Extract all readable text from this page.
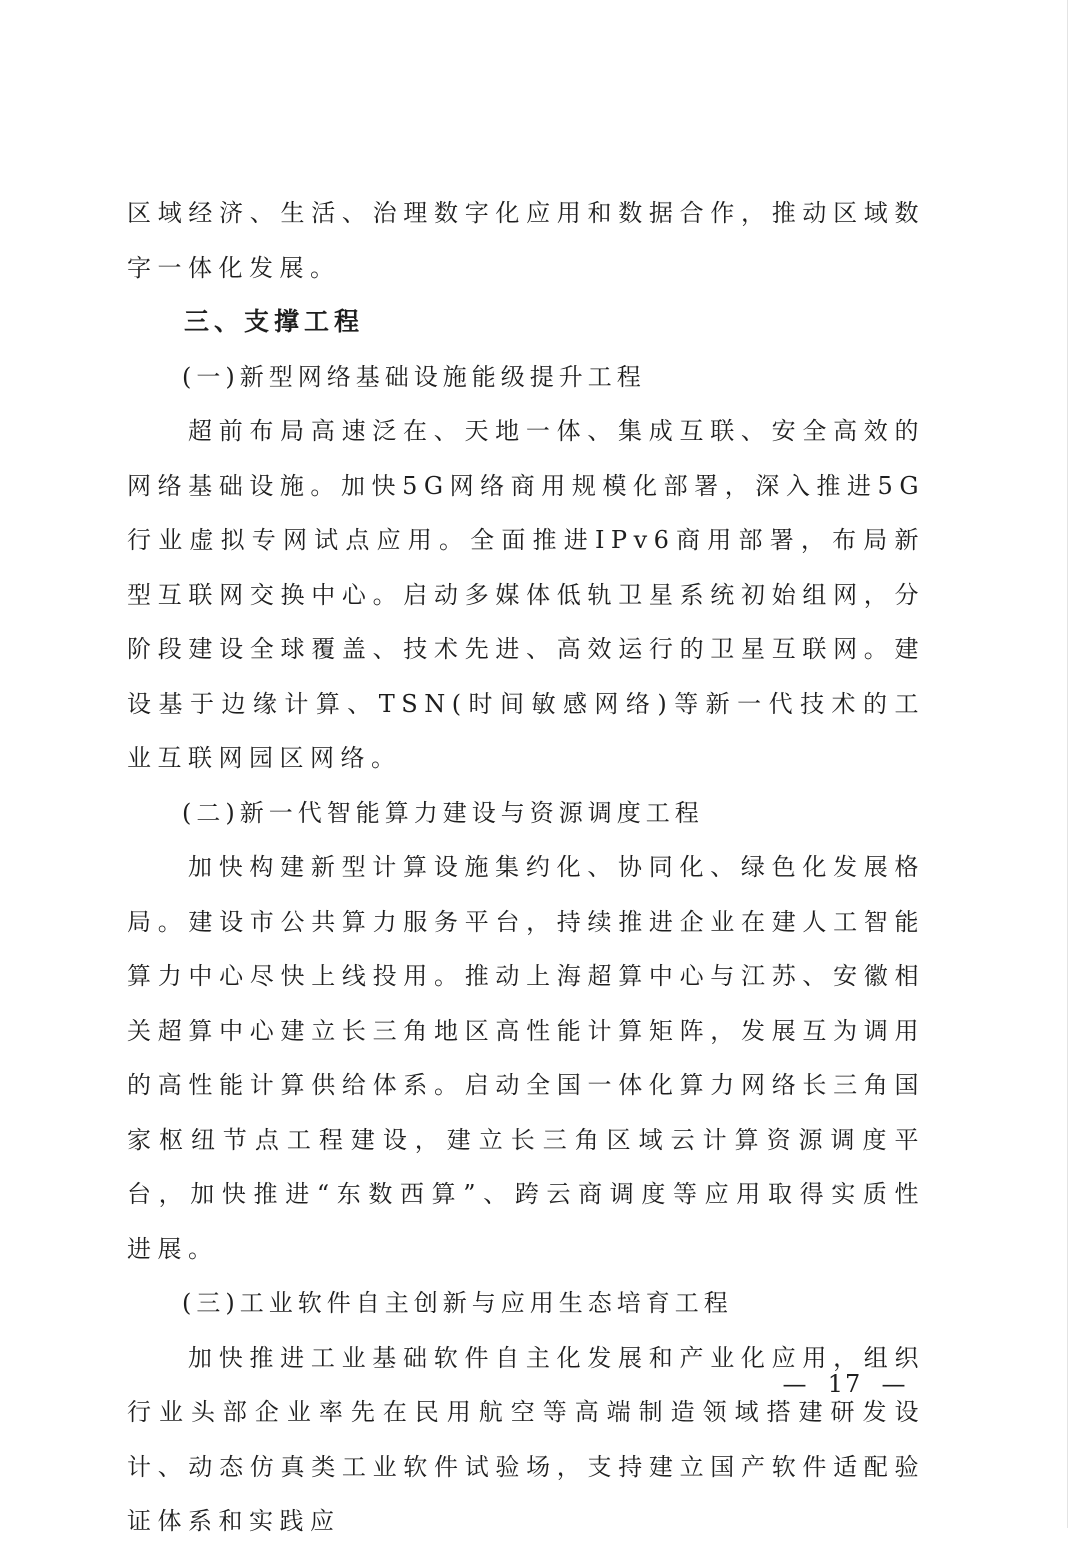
区域经济、生活、治理数字化应用和数据合作，推动区域数字一体化发展。

三、支撑工程

(一)新型网络基础设施能级提升工程

超前布局高速泛在、天地一体、集成互联、安全高效的网络基础设施。加快5G网络商用规模化部署，深入推进5G行业虚拟专网试点应用。全面推进IPv6商用部署，布局新型互联网交换中心。启动多媒体低轨卫星系统初始组网，分阶段建设全球覆盖、技术先进、高效运行的卫星互联网。建设基于边缘计算、TSN(时间敏感网络)等新一代技术的工业互联网园区网络。

(二)新一代智能算力建设与资源调度工程

加快构建新型计算设施集约化、协同化、绿色化发展格局。建设市公共算力服务平台，持续推进企业在建人工智能算力中心尽快上线投用。推动上海超算中心与江苏、安徽相关超算中心建立长三角地区高性能计算矩阵，发展互为调用的高性能计算供给体系。启动全国一体化算力网络长三角国家枢纽节点工程建设，建立长三角区域云计算资源调度平台，加快推进“东数西算”、跨云商调度等应用取得实质性进展。

(三)工业软件自主创新与应用生态培育工程

加快推进工业基础软件自主化发展和产业化应用，组织行业头部企业率先在民用航空等高端制造领域搭建研发设计、动态仿真类工业软件试验场，支持建立国产软件适配验证体系和实践应

—  17  —
